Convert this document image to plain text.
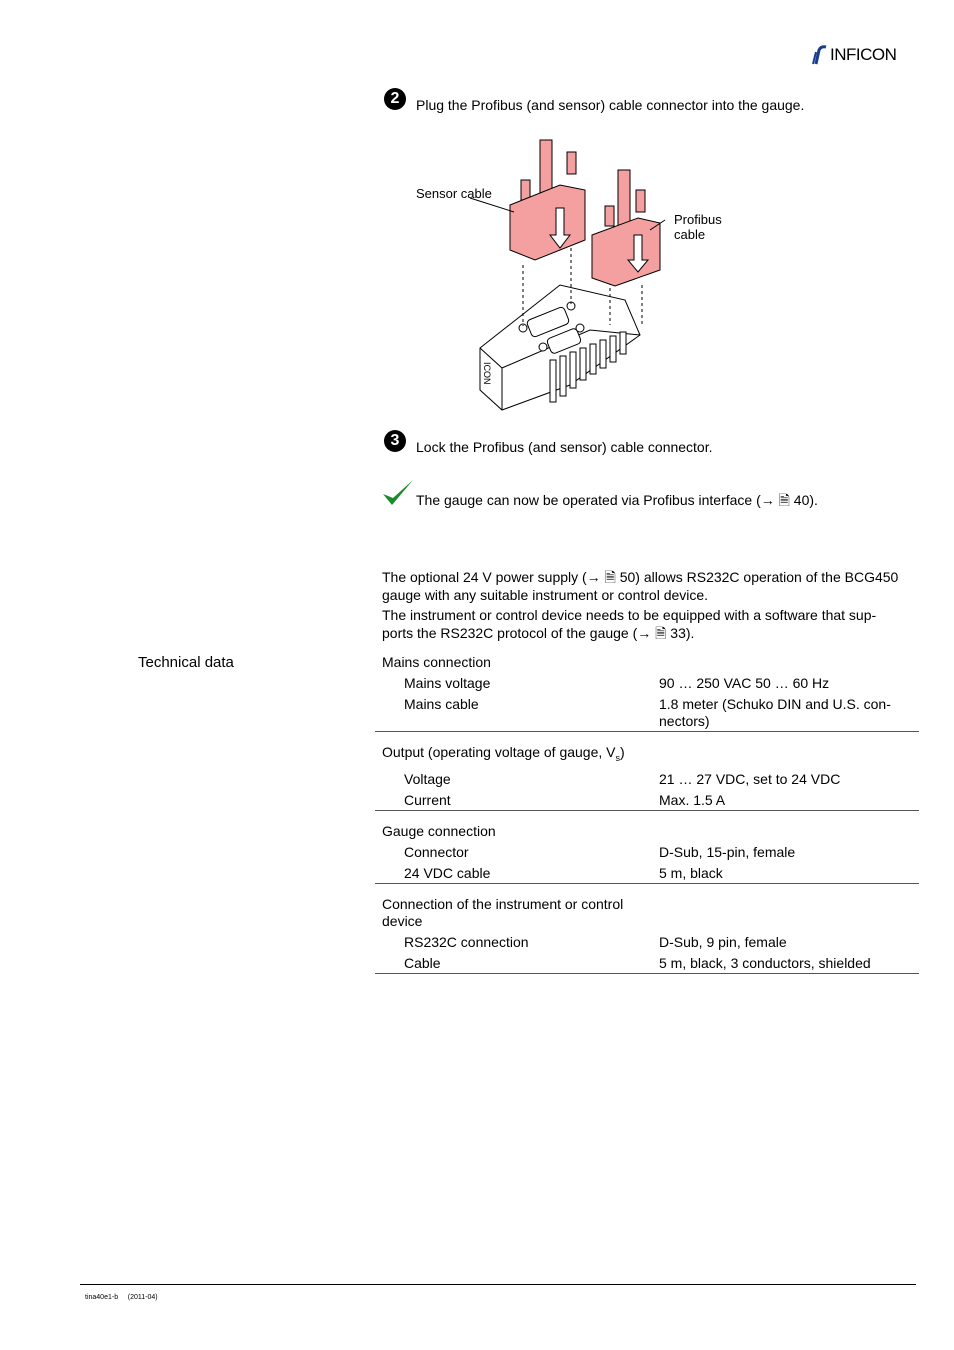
INFICON
2	Plug the Profibus (and sensor) cable connector into the gauge.
ICON
Sensor cable
Profibus cable
3	Lock the Profibus (and sensor) cable connector.
The gauge can now be operated via Profibus interface (→ 🗎 40).
The optional 24 V power supply (→ 🗎 50) allows RS232C operation of the BCG450
gauge with any suitable instrument or control device.
The instrument or control device needs to be equipped with a software that sup-
ports the RS232C protocol of the gauge (→ 🗎 33).
Technical data	Mains connection
Mains voltage	90 … 250 VAC 50 … 60 Hz
Mains cable	1.8 meter (Schuko DIN and U.S. con-
nectors)
Output (operating voltage of gauge, $V_s$)
Voltage	21 … 27 VDC, set to 24 VDC
Current	Max. 1.5 A
Gauge connection
Connector	D-Sub, 15-pin, female
24 VDC cable	5 m, black
Connection of the instrument or control
device
RS232C connection	D-Sub, 9 pin, female
Cable	5 m, black, 3 conductors, shielded
tina40e1-b     (2011-04)
